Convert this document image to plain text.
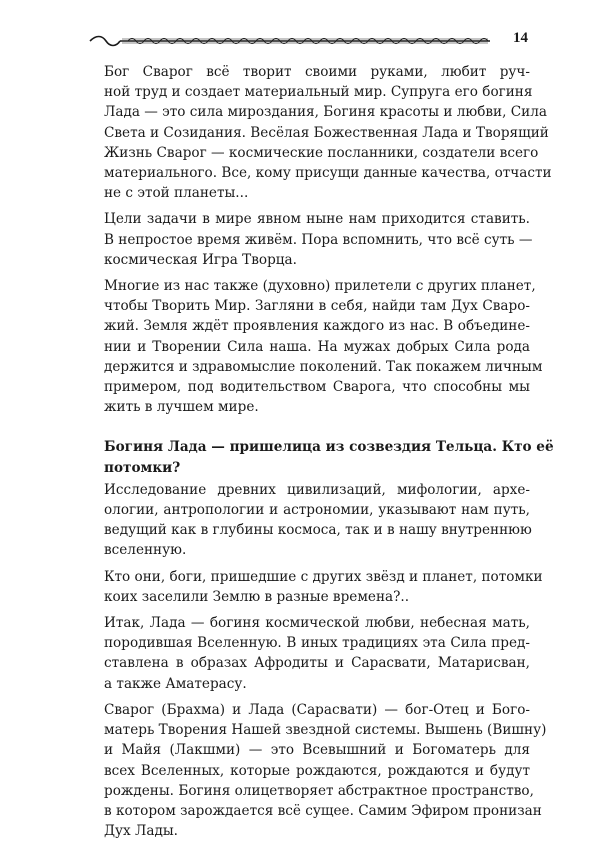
14
Бог Сварог всё творит своими руками, любит руч-
ной труд и создает материальный мир. Супруга его богиня
Лада — это сила мироздания, Богиня красоты и любви, Сила
Света и Созидания. Весёлая Божественная Лада и Творящий
Жизнь Сварог — космические посланники, создатели всего
материального. Все, кому присущи данные качества, отчасти
не с этой планеты...
Цели задачи в мире явном ныне нам приходится ставить.
В непростое время живём. Пора вспомнить, что всё суть —
космическая Игра Творца.
Многие из нас также (духовно) прилетели с других планет,
чтобы Творить Мир. Загляни в себя, найди там Дух Сваро-
жий. Земля ждёт проявления каждого из нас. В объедине-
нии и Творении Сила наша. На мужах добрых Сила рода
держится и здравомыслие поколений. Так покажем личным
примером, под водительством Сварога, что способны мы
жить в лучшем мире.
Богиня Лада — пришелица из созвездия Тельца. Кто её
потомки?
Исследование древних цивилизаций, мифологии, архе-
ологии, антропологии и астрономии, указывают нам путь,
ведущий как в глубины космоса, так и в нашу внутреннюю
вселенную.
Кто они, боги, пришедшие с других звёзд и планет, потомки
коих заселили Землю в разные времена?..
Итак, Лада — богиня космической любви, небесная мать,
породившая Вселенную. В иных традициях эта Сила пред-
ставлена в образах Афродиты и Сарасвати, Матарисван,
а также Аматерасу.
Сварог (Брахма) и Лада (Сарасвати) — бог-Отец и Бого-
матерь Творения Нашей звездной системы. Вышень (Вишну)
и Майя (Лакшми) — это Всевышний и Богоматерь для
всех Вселенных, которые рождаются, рождаются и будут
рождены. Богиня олицетворяет абстрактное пространство,
в котором зарождается всё сущее. Самим Эфиром пронизан
Дух Лады.
